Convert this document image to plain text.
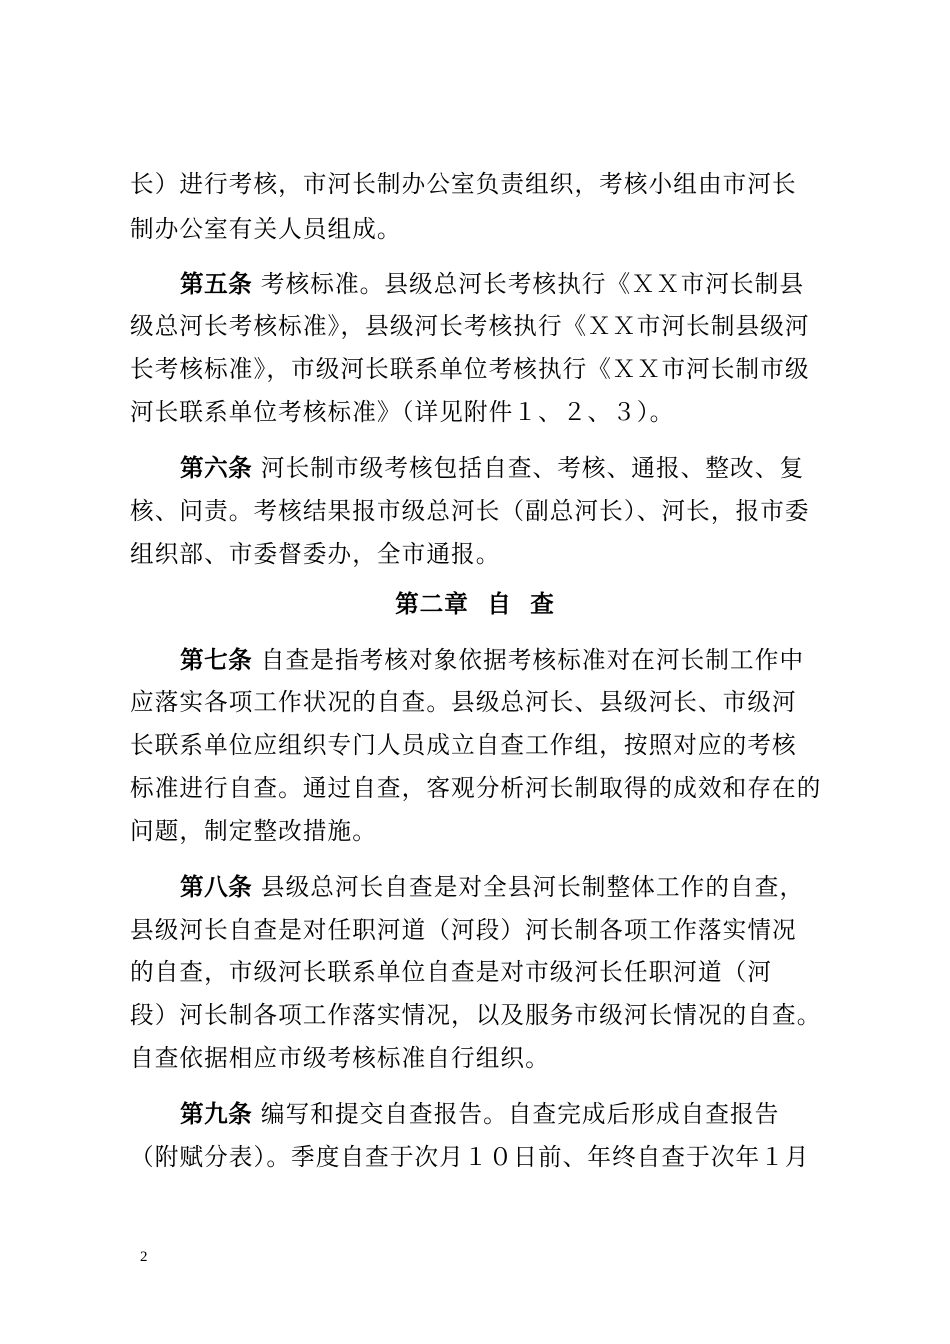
长）进行考核，市河长制办公室负责组织，考核小组由市河长
制办公室有关人员组成。
第五条 考核标准。县级总河长考核执行《ＸＸ市河长制县
级总河长考核标准》，县级河长考核执行《ＸＸ市河长制县级河
长考核标准》，市级河长联系单位考核执行《ＸＸ市河长制市级
河长联系单位考核标准》（详见附件１、２、３）。
第六条 河长制市级考核包括自查、考核、通报、整改、复
核、问责。考核结果报市级总河长（副总河长）、河长，报市委
组织部、市委督委办，全市通报。
第二章  自  查
第七条 自查是指考核对象依据考核标准对在河长制工作中
应落实各项工作状况的自查。县级总河长、县级河长、市级河
长联系单位应组织专门人员成立自查工作组，按照对应的考核
标准进行自查。通过自查，客观分析河长制取得的成效和存在的
问题，制定整改措施。
第八条 县级总河长自查是对全县河长制整体工作的自查，
县级河长自查是对任职河道（河段）河长制各项工作落实情况
的自查，市级河长联系单位自查是对市级河长任职河道（河
段）河长制各项工作落实情况，以及服务市级河长情况的自查。
自查依据相应市级考核标准自行组织。
第九条 编写和提交自查报告。自查完成后形成自查报告
（附赋分表）。季度自查于次月１０日前、年终自查于次年１月
2
